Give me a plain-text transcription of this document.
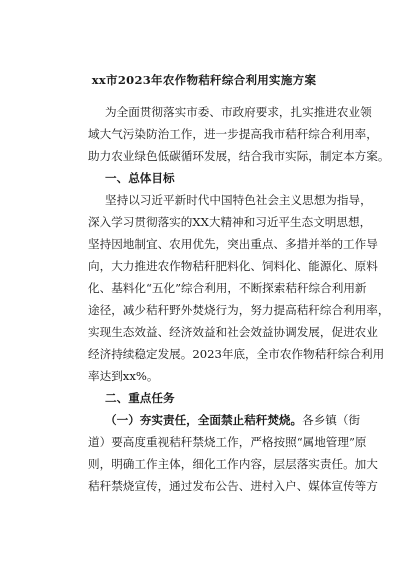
xx市2023年农作物秸秆综合利用实施方案
为全面贯彻落实市委、市政府要求，扎实推进农业领
域大气污染防治工作，进一步提高我市秸秆综合利用率，
助力农业绿色低碳循环发展，结合我市实际，制定本方案。
一、总体目标
坚持以习近平新时代中国特色社会主义思想为指导，
深入学习贯彻落实的XX大精神和习近平生态文明思想，
坚持因地制宜、农用优先，突出重点、多措并举的工作导
向，大力推进农作物秸秆肥料化、饲料化、能源化、原料
化、基料化“五化”综合利用，不断探索秸秆综合利用新
途径，减少秸秆野外焚烧行为，努力提高秸秆综合利用率，
实现生态效益、经济效益和社会效益协调发展，促进农业
经济持续稳定发展。2023年底，全市农作物秸秆综合利用
率达到xx%。
二、重点任务
（一）夯实责任，全面禁止秸秆焚烧。各乡镇（街
道）要高度重视秸秆禁烧工作，严格按照“属地管理”原
则，明确工作主体，细化工作内容，层层落实责任。加大
秸秆禁烧宣传，通过发布公告、进村入户、媒体宣传等方
